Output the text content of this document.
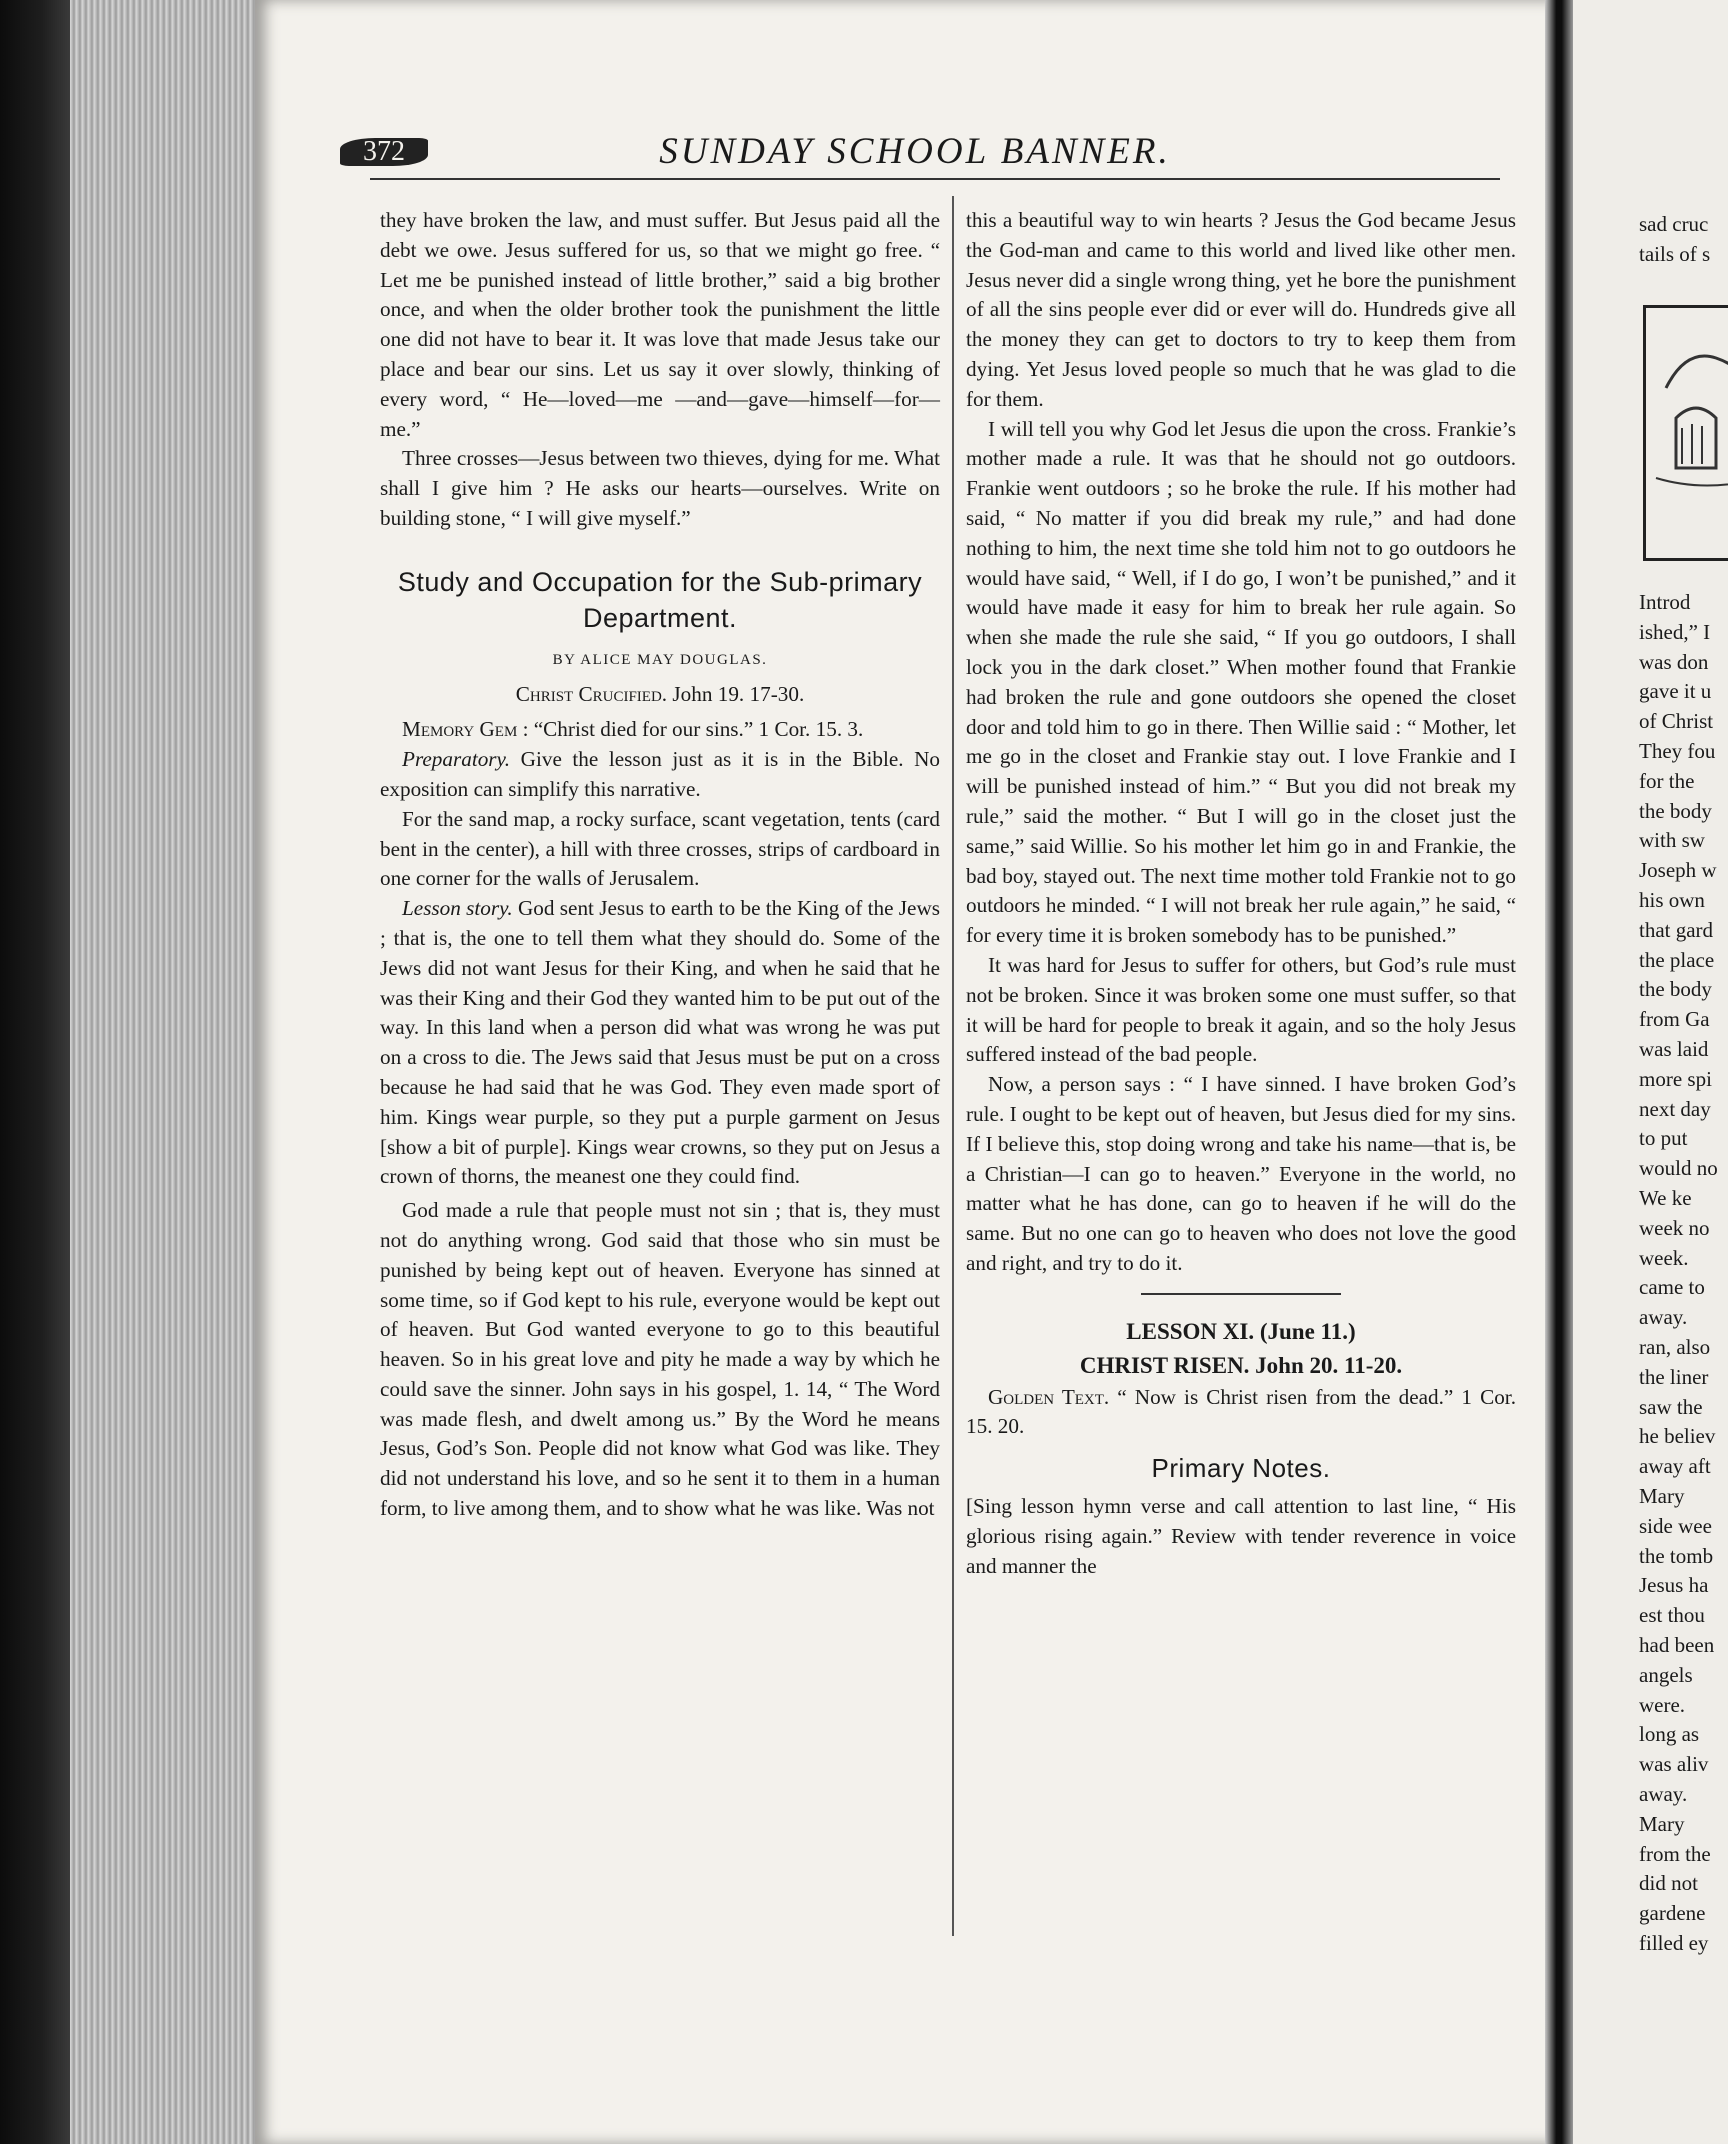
372	SUNDAY SCHOOL BANNER.

they have broken the law, and must suffer. But Jesus paid all the debt we owe. Jesus suffered for us, so that we might go free. “ Let me be punished instead of little brother,” said a big brother once, and when the older brother took the punishment the little one did not have to bear it. It was love that made Jesus take our place and bear our sins. Let us say it over slowly, thinking of every word, “ He—loved—me —and—gave—himself—for—me.”

Three crosses—Jesus between two thieves, dying for me. What shall I give him ? He asks our hearts—ourselves. Write on building stone, “ I will give myself.”

Study and Occupation for the Sub-primary Department.
BY ALICE MAY DOUGLAS.
Christ Crucified. John 19. 17-30.

Memory Gem : “Christ died for our sins.” 1 Cor. 15. 3.

Preparatory. Give the lesson just as it is in the Bible. No exposition can simplify this narrative.

For the sand map, a rocky surface, scant vegetation, tents (card bent in the center), a hill with three crosses, strips of cardboard in one corner for the walls of Jerusalem.

Lesson story. God sent Jesus to earth to be the King of the Jews ; that is, the one to tell them what they should do. Some of the Jews did not want Jesus for their King, and when he said that he was their King and their God they wanted him to be put out of the way. In this land when a person did what was wrong he was put on a cross to die. The Jews said that Jesus must be put on a cross because he had said that he was God. They even made sport of him. Kings wear purple, so they put a purple garment on Jesus [show a bit of purple]. Kings wear crowns, so they put on Jesus a crown of thorns, the meanest one they could find.

God made a rule that people must not sin ; that is, they must not do anything wrong. God said that those who sin must be punished by being kept out of heaven. Everyone has sinned at some time, so if God kept to his rule, everyone would be kept out of heaven. But God wanted everyone to go to this beautiful heaven. So in his great love and pity he made a way by which he could save the sinner. John says in his gospel, 1. 14, “ The Word was made flesh, and dwelt among us.” By the Word he means Jesus, God’s Son. People did not know what God was like. They did not understand his love, and so he sent it to them in a human form, to live among them, and to show what he was like. Was not

this a beautiful way to win hearts ? Jesus the God became Jesus the God-man and came to this world and lived like other men. Jesus never did a single wrong thing, yet he bore the punishment of all the sins people ever did or ever will do. Hundreds give all the money they can get to doctors to try to keep them from dying. Yet Jesus loved people so much that he was glad to die for them.

I will tell you why God let Jesus die upon the cross. Frankie’s mother made a rule. It was that he should not go outdoors. Frankie went outdoors ; so he broke the rule. If his mother had said, “ No matter if you did break my rule,” and had done nothing to him, the next time she told him not to go outdoors he would have said, “ Well, if I do go, I won’t be punished,” and it would have made it easy for him to break her rule again. So when she made the rule she said, “ If you go outdoors, I shall lock you in the dark closet.” When mother found that Frankie had broken the rule and gone outdoors she opened the closet door and told him to go in there. Then Willie said : “ Mother, let me go in the closet and Frankie stay out. I love Frankie and I will be punished instead of him.” “ But you did not break my rule,” said the mother. “ But I will go in the closet just the same,” said Willie. So his mother let him go in and Frankie, the bad boy, stayed out. The next time mother told Frankie not to go outdoors he minded. “ I will not break her rule again,” he said, “ for every time it is broken somebody has to be punished.”

It was hard for Jesus to suffer for others, but God’s rule must not be broken. Since it was broken some one must suffer, so that it will be hard for people to break it again, and so the holy Jesus suffered instead of the bad people.

Now, a person says : “ I have sinned. I have broken God’s rule. I ought to be kept out of heaven, but Jesus died for my sins. If I believe this, stop doing wrong and take his name—that is, be a Christian—I can go to heaven.” Everyone in the world, no matter what he has done, can go to heaven if he will do the same. But no one can go to heaven who does not love the good and right, and try to do it.

LESSON XI. (June 11.)
CHRIST RISEN. John 20. 11-20.

Golden Text. “ Now is Christ risen from the dead.” 1 Cor. 15. 20.

Primary Notes.

[Sing lesson hymn verse and call attention to last line, “ His glorious rising again.” Review with tender reverence in voice and manner the

sad cruc
tails of s
Introd
ished,” I
was don
gave it u
of Christ
They fou
for the
the body
with sw
Joseph w
his own
that gard
the place
the body
from Ga
was laid
more spi
next day
to put
would no
We ke
week no
week.
came to
away.
ran, also
the liner
saw the
he believ
away aft
Mary
side wee
the tomb
Jesus ha
est thou
had been
angels
were.
long as
was aliv
away.
Mary
from the
did not
gardene
filled ey
